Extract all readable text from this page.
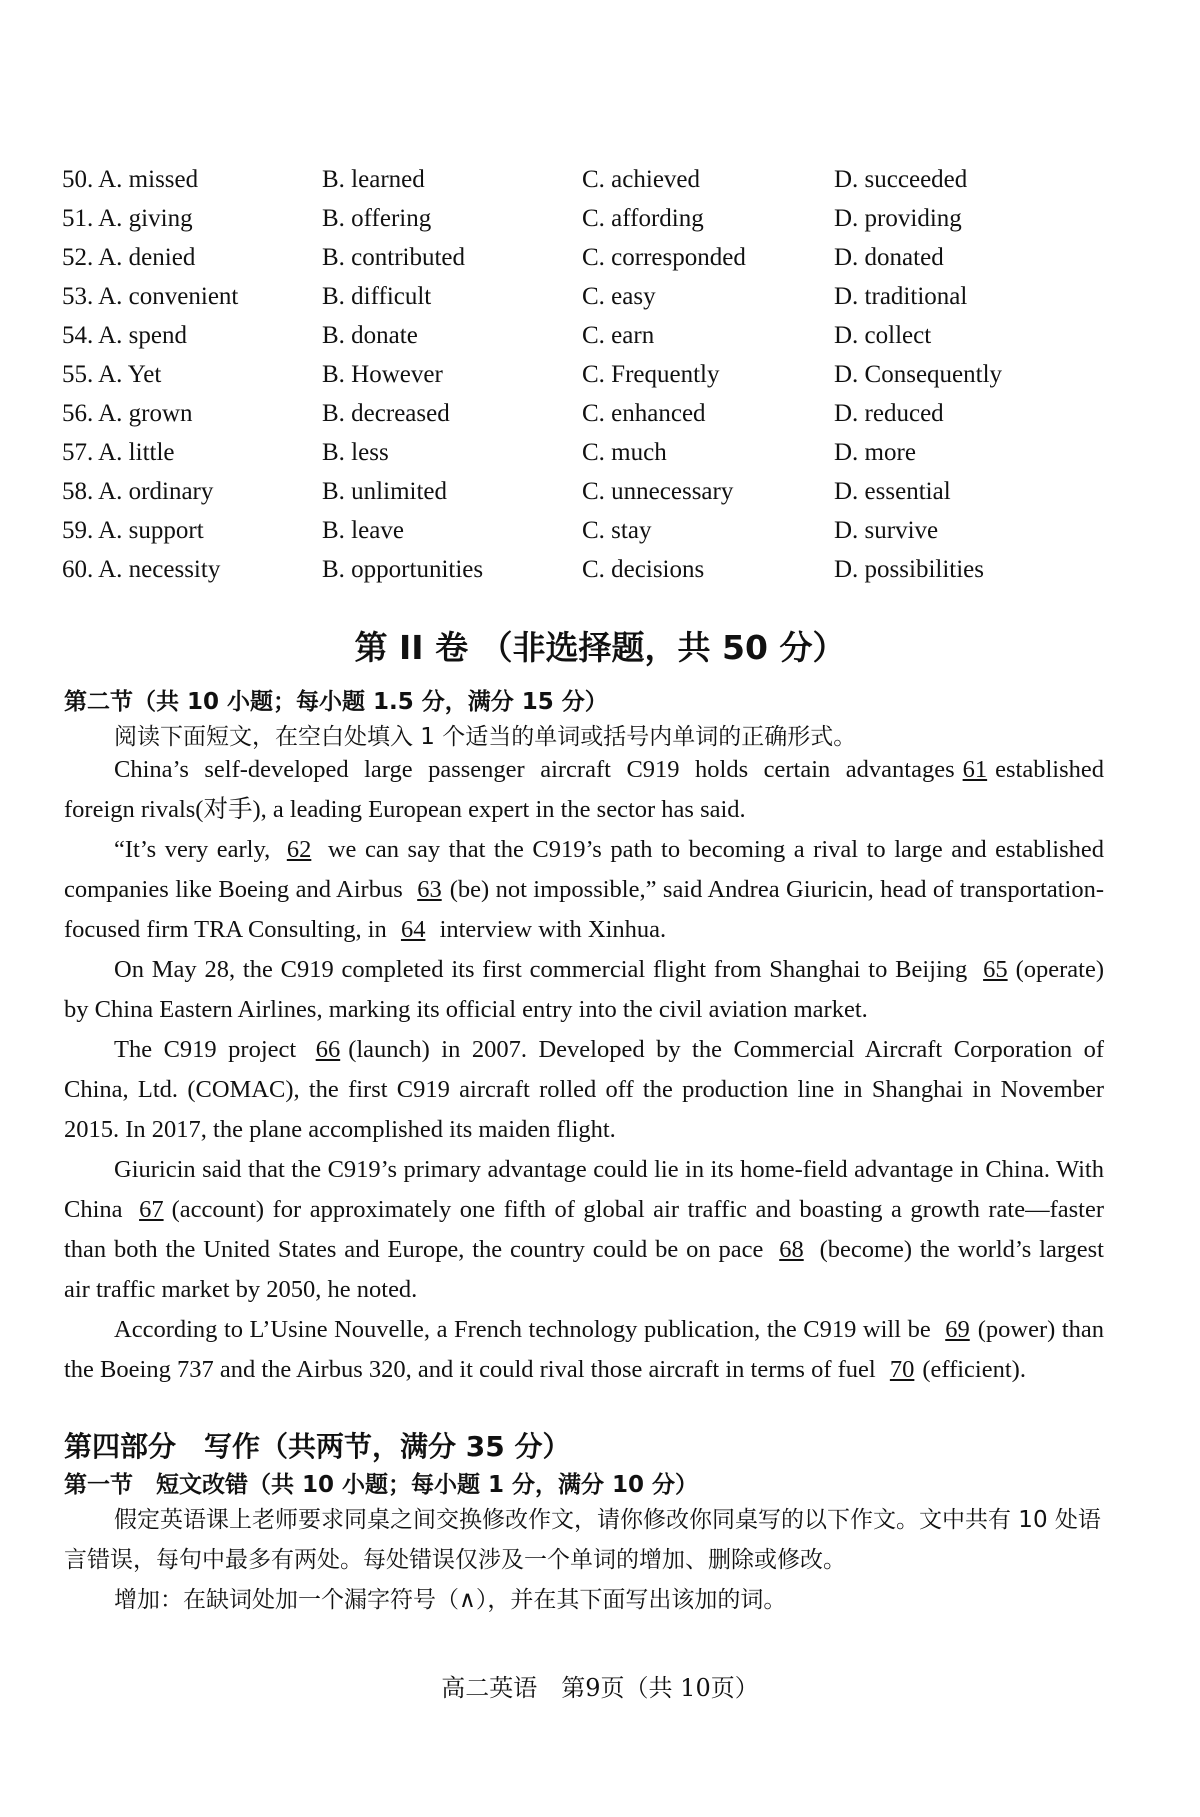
50. A. missed	B. learned	C. achieved	D. succeeded
51. A. giving	B. offering	C. affording	D. providing
52. A. denied	B. contributed	C. corresponded	D. donated
53. A. convenient	B. difficult	C. easy	D. traditional
54. A. spend	B. donate	C. earn	D. collect
55. A. Yet	B. However	C. Frequently	D. Consequently
56. A. grown	B. decreased	C. enhanced	D. reduced
57. A. little	B. less	C. much	D. more
58. A. ordinary	B. unlimited	C. unnecessary	D. essential
59. A. support	B. leave	C. stay	D. survive
60. A. necessity	B. opportunities	C. decisions	D. possibilities
第 II 卷 （非选择题，共 50 分）
第二节（共 10 小题；每小题 1.5 分，满分 15 分）
阅读下面短文，在空白处填入 1 个适当的单词或括号内单词的正确形式。

China’s self-developed large passenger aircraft C919 holds certain advantages 61 established foreign rivals(对手), a leading European expert in the sector has said.

“It’s very early, 62 we can say that the C919’s path to becoming a rival to large and established companies like Boeing and Airbus 63 (be) not impossible,” said Andrea Giuricin, head of transportation-focused firm TRA Consulting, in 64 interview with Xinhua.

On May 28, the C919 completed its first commercial flight from Shanghai to Beijing 65 (operate) by China Eastern Airlines, marking its official entry into the civil aviation market.

The C919 project 66 (launch) in 2007. Developed by the Commercial Aircraft Corporation of China, Ltd. (COMAC), the first C919 aircraft rolled off the production line in Shanghai in November 2015. In 2017, the plane accomplished its maiden flight.

Giuricin said that the C919’s primary advantage could lie in its home-field advantage in China. With China 67 (account) for approximately one fifth of global air traffic and boasting a growth rate—faster than both the United States and Europe, the country could be on pace 68 (become) the world’s largest air traffic market by 2050, he noted.

According to L’Usine Nouvelle, a French technology publication, the C919 will be 69 (power) than the Boeing 737 and the Airbus 320, and it could rival those aircraft in terms of fuel 70 (efficient).

第四部分　写作（共两节，满分 35 分）
第一节　短文改错（共 10 小题；每小题 1 分，满分 10 分）

假定英语课上老师要求同桌之间交换修改作文，请你修改你同桌写的以下作文。文中共有 10 处语言错误，每句中最多有两处。每处错误仅涉及一个单词的增加、删除或修改。

增加：在缺词处加一个漏字符号（∧），并在其下面写出该加的词。

高二英语　第9页（共 10页）
